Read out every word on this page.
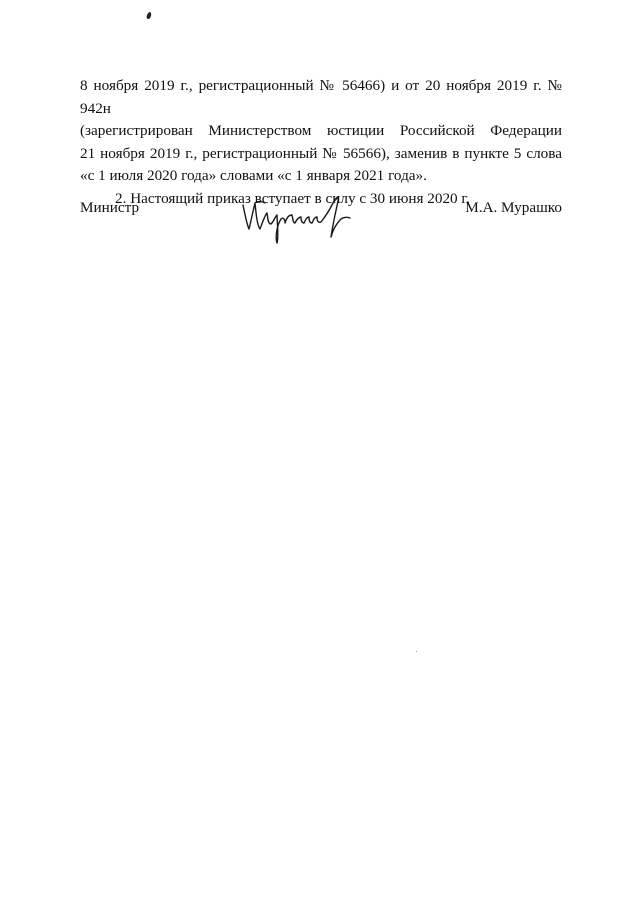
8 ноября 2019 г., регистрационный № 56466) и от 20 ноября 2019 г. № 942н
(зарегистрирован Министерством юстиции Российской Федерации
21 ноября 2019 г., регистрационный № 56566), заменив в пункте 5 слова
«с 1 июля 2020 года» словами «с 1 января 2021 года».
2. Настоящий приказ вступает в силу с 30 июня 2020 г.
Министр	М.А. Мурашко
